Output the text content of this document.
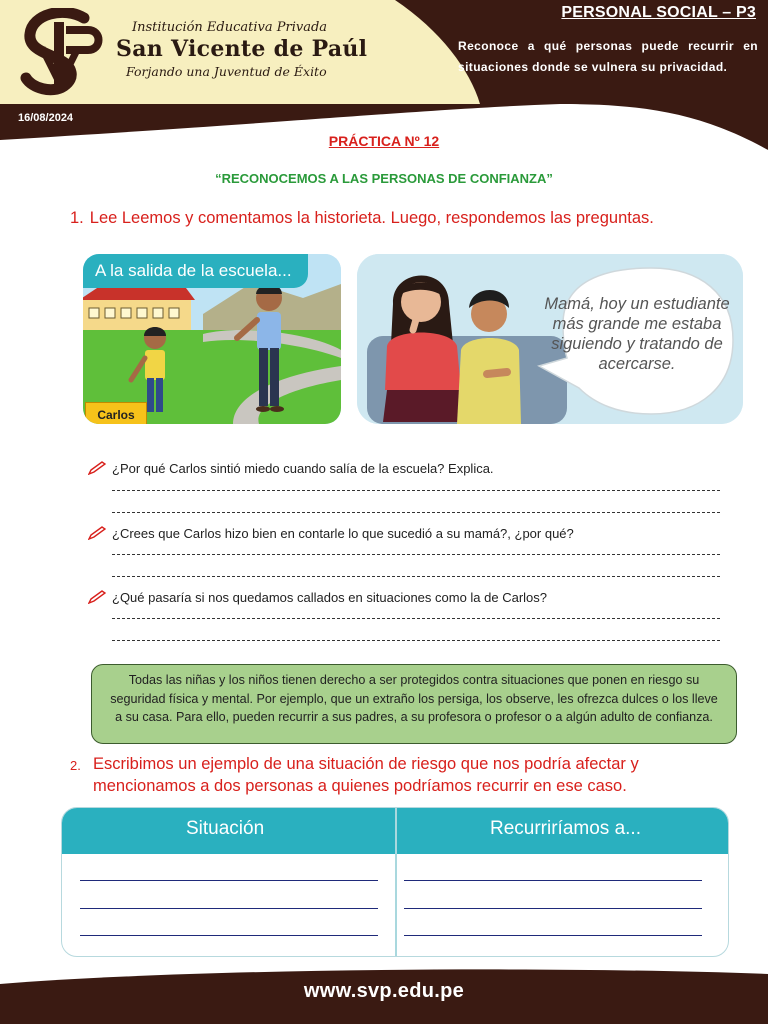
Institución Educativa Privada
San Vicente de Paúl
Forjando una Juventud de Éxito
PERSONAL SOCIAL – P3
Reconoce a qué personas puede recurrir en situaciones donde se vulnera su privacidad.
16/08/2024
PRÁCTICA Nº 12
“RECONOCEMOS A LAS PERSONAS DE CONFIANZA”
1. Lee Leemos y comentamos la historieta. Luego, respondemos las preguntas.
A la salida de la escuela...
Carlos
Mamá, hoy un estudiante más grande me estaba siguiendo y tratando de acercarse.
¿Por qué Carlos sintió miedo cuando salía de la escuela? Explica.
¿Crees que Carlos hizo bien en contarle lo que sucedió a su mamá?, ¿por qué?
¿Qué pasaría si nos quedamos callados en situaciones como la de Carlos?
Todas las niñas y los niños tienen derecho a ser protegidos contra situaciones que ponen en riesgo su seguridad física y mental. Por ejemplo, que un extraño los persiga, los observe, les ofrezca dulces o los lleve a su casa. Para ello, pueden recurrir a sus padres, a su profesora o profesor o a algún adulto de confianza.
2. Escribimos un ejemplo de una situación de riesgo que nos podría afectar y mencionamos a dos personas a quienes podríamos recurrir en ese caso.
Situación	Recurriríamos a...
www.svp.edu.pe
